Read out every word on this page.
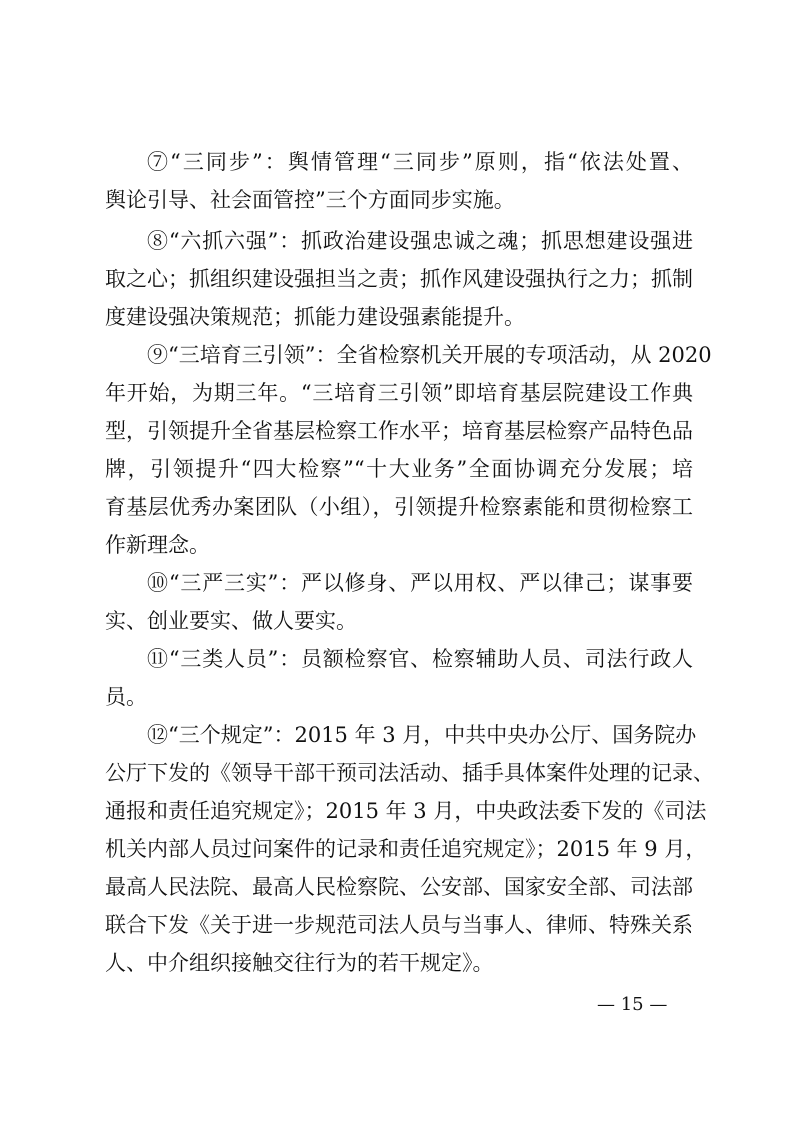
⑦“三同步”：舆情管理“三同步”原则，指“依法处置、
舆论引导、社会面管控”三个方面同步实施。
⑧“六抓六强”：抓政治建设强忠诚之魂；抓思想建设强进
取之心；抓组织建设强担当之责；抓作风建设强执行之力；抓制
度建设强决策规范；抓能力建设强素能提升。
⑨“三培育三引领”：全省检察机关开展的专项活动，从 2020
年开始，为期三年。“三培育三引领”即培育基层院建设工作典
型，引领提升全省基层检察工作水平；培育基层检察产品特色品
牌，引领提升“四大检察”“十大业务”全面协调充分发展；培
育基层优秀办案团队（小组），引领提升检察素能和贯彻检察工
作新理念。
⑩“三严三实”：严以修身、严以用权、严以律己；谋事要
实、创业要实、做人要实。
⑪“三类人员”：员额检察官、检察辅助人员、司法行政人
员。
⑫“三个规定”：2015 年 3 月，中共中央办公厅、国务院办
公厅下发的《领导干部干预司法活动、插手具体案件处理的记录、
通报和责任追究规定》；2015 年 3 月，中央政法委下发的《司法
机关内部人员过问案件的记录和责任追究规定》；2015 年 9 月，
最高人民法院、最高人民检察院、公安部、国家安全部、司法部
联合下发《关于进一步规范司法人员与当事人、律师、特殊关系
人、中介组织接触交往行为的若干规定》。
— 15 —
